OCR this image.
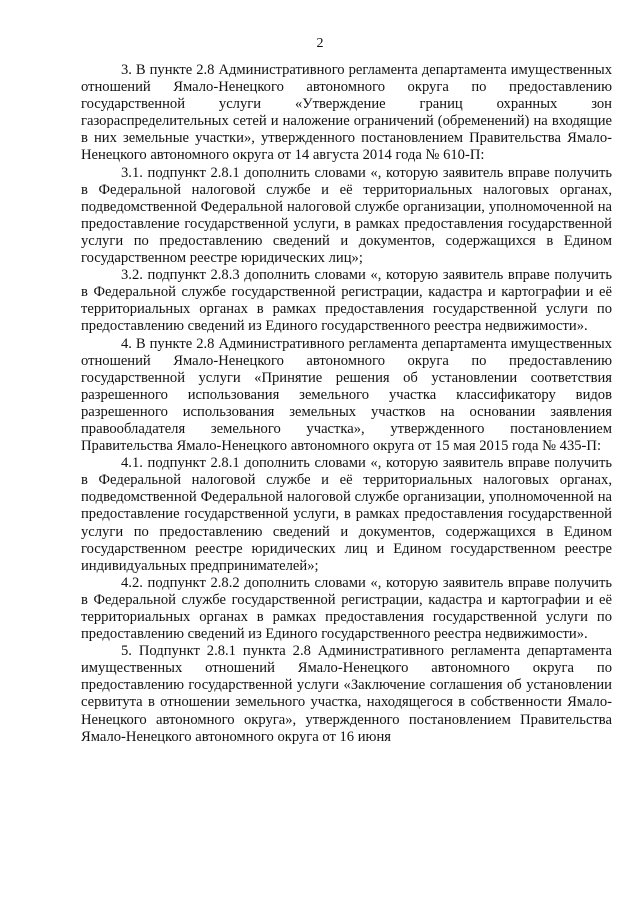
2

3. В пункте 2.8 Административного регламента департамента имущественных отношений Ямало-Ненецкого автономного округа по предоставлению государственной услуги «Утверждение границ охранных зон газораспределительных сетей и наложение ограничений (обременений) на входящие в них земельные участки», утвержденного постановлением Правительства Ямало-Ненецкого автономного округа от 14 августа 2014 года № 610-П:

3.1. подпункт 2.8.1 дополнить словами «, которую заявитель вправе получить в Федеральной налоговой службе и её территориальных налоговых органах, подведомственной Федеральной налоговой службе организации, уполномоченной на предоставление государственной услуги, в рамках предоставления государственной услуги по предоставлению сведений и документов, содержащихся в Едином государственном реестре юридических лиц»;

3.2. подпункт 2.8.3 дополнить словами «, которую заявитель вправе получить в Федеральной службе государственной регистрации, кадастра и картографии и её территориальных органах в рамках предоставления государственной услуги по предоставлению сведений из Единого государственного реестра недвижимости».

4. В пункте 2.8 Административного регламента департамента имущественных отношений Ямало-Ненецкого автономного округа по предоставлению государственной услуги «Принятие решения об установлении соответствия разрешенного использования земельного участка классификатору видов разрешенного использования земельных участков на основании заявления правообладателя земельного участка», утвержденного постановлением Правительства Ямало-Ненецкого автономного округа от 15 мая 2015 года № 435-П:

4.1. подпункт 2.8.1 дополнить словами «, которую заявитель вправе получить в Федеральной налоговой службе и её территориальных налоговых органах, подведомственной Федеральной налоговой службе организации, уполномоченной на предоставление государственной услуги, в рамках предоставления государственной услуги по предоставлению сведений и документов, содержащихся в Едином государственном реестре юридических лиц и Едином государственном реестре индивидуальных предпринимателей»;

4.2. подпункт 2.8.2 дополнить словами «, которую заявитель вправе получить в Федеральной службе государственной регистрации, кадастра и картографии и её территориальных органах в рамках предоставления государственной услуги по предоставлению сведений из Единого государственного реестра недвижимости».

5. Подпункт 2.8.1 пункта 2.8 Административного регламента департамента имущественных отношений Ямало-Ненецкого автономного округа по предоставлению государственной услуги «Заключение соглашения об установлении сервитута в отношении земельного участка, находящегося в собственности Ямало-Ненецкого автономного округа», утвержденного постановлением Правительства Ямало-Ненецкого автономного округа от 16 июня
